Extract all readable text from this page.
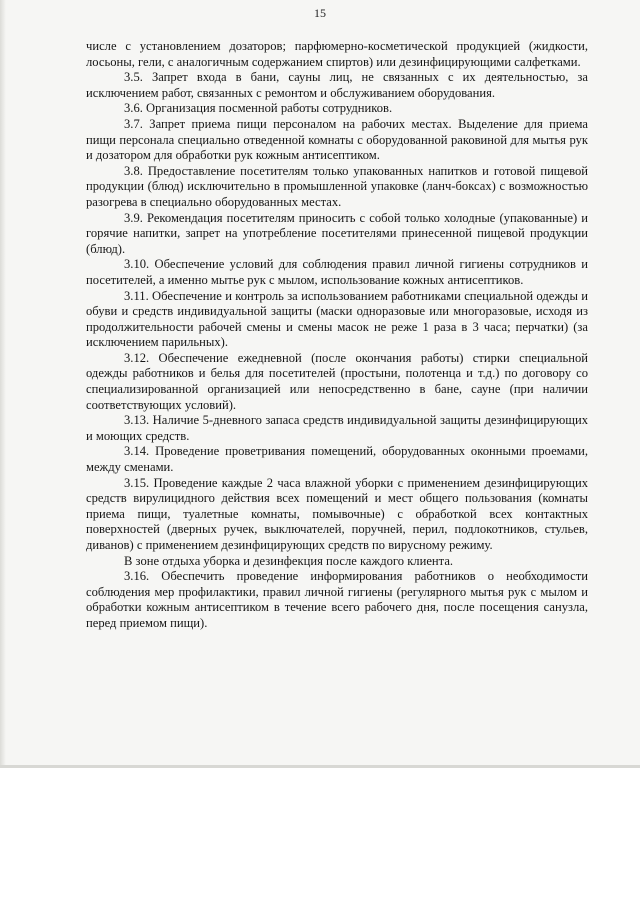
15

числе с установлением дозаторов; парфюмерно-косметической продукцией (жидкости, лосьоны, гели, с аналогичным содержанием спиртов) или дезинфицирующими салфетками.

3.5. Запрет входа в бани, сауны лиц, не связанных с их деятельностью, за исключением работ, связанных с ремонтом и обслуживанием оборудования.

3.6. Организация посменной работы сотрудников.

3.7. Запрет приема пищи персоналом на рабочих местах. Выделение для приема пищи персонала специально отведенной комнаты с оборудованной раковиной для мытья рук и дозатором для обработки рук кожным антисептиком.

3.8. Предоставление посетителям только упакованных напитков и готовой пищевой продукции (блюд) исключительно в промышленной упаковке (ланч-боксах) с возможностью разогрева в специально оборудованных местах.

3.9. Рекомендация посетителям приносить с собой только холодные (упакованные) и горячие напитки, запрет на употребление посетителями принесенной пищевой продукции (блюд).

3.10. Обеспечение условий для соблюдения правил личной гигиены сотрудников и посетителей, а именно мытье рук с мылом, использование кожных антисептиков.

3.11. Обеспечение и контроль за использованием работниками специальной одежды и обуви и средств индивидуальной защиты (маски одноразовые или многоразовые, исходя из продолжительности рабочей смены и смены масок не реже 1 раза в 3 часа; перчатки) (за исключением парильных).

3.12. Обеспечение ежедневной (после окончания работы) стирки специальной одежды работников и белья для посетителей (простыни, полотенца и т.д.) по договору со специализированной организацией или непосредственно в бане, сауне (при наличии соответствующих условий).

3.13. Наличие 5-дневного запаса средств индивидуальной защиты дезинфицирующих и моющих средств.

3.14. Проведение проветривания помещений, оборудованных оконными проемами, между сменами.

3.15. Проведение каждые 2 часа влажной уборки с применением дезинфицирующих средств вирулицидного действия всех помещений и мест общего пользования (комнаты приема пищи, туалетные комнаты, помывочные) с обработкой всех контактных поверхностей (дверных ручек, выключателей, поручней, перил, подлокотников, стульев, диванов) с применением дезинфицирующих средств по вирусному режиму.

В зоне отдыха уборка и дезинфекция после каждого клиента.

3.16. Обеспечить проведение информирования работников о необходимости соблюдения мер профилактики, правил личной гигиены (регулярного мытья рук с мылом и обработки кожным антисептиком в течение всего рабочего дня, после посещения санузла, перед приемом пищи).
